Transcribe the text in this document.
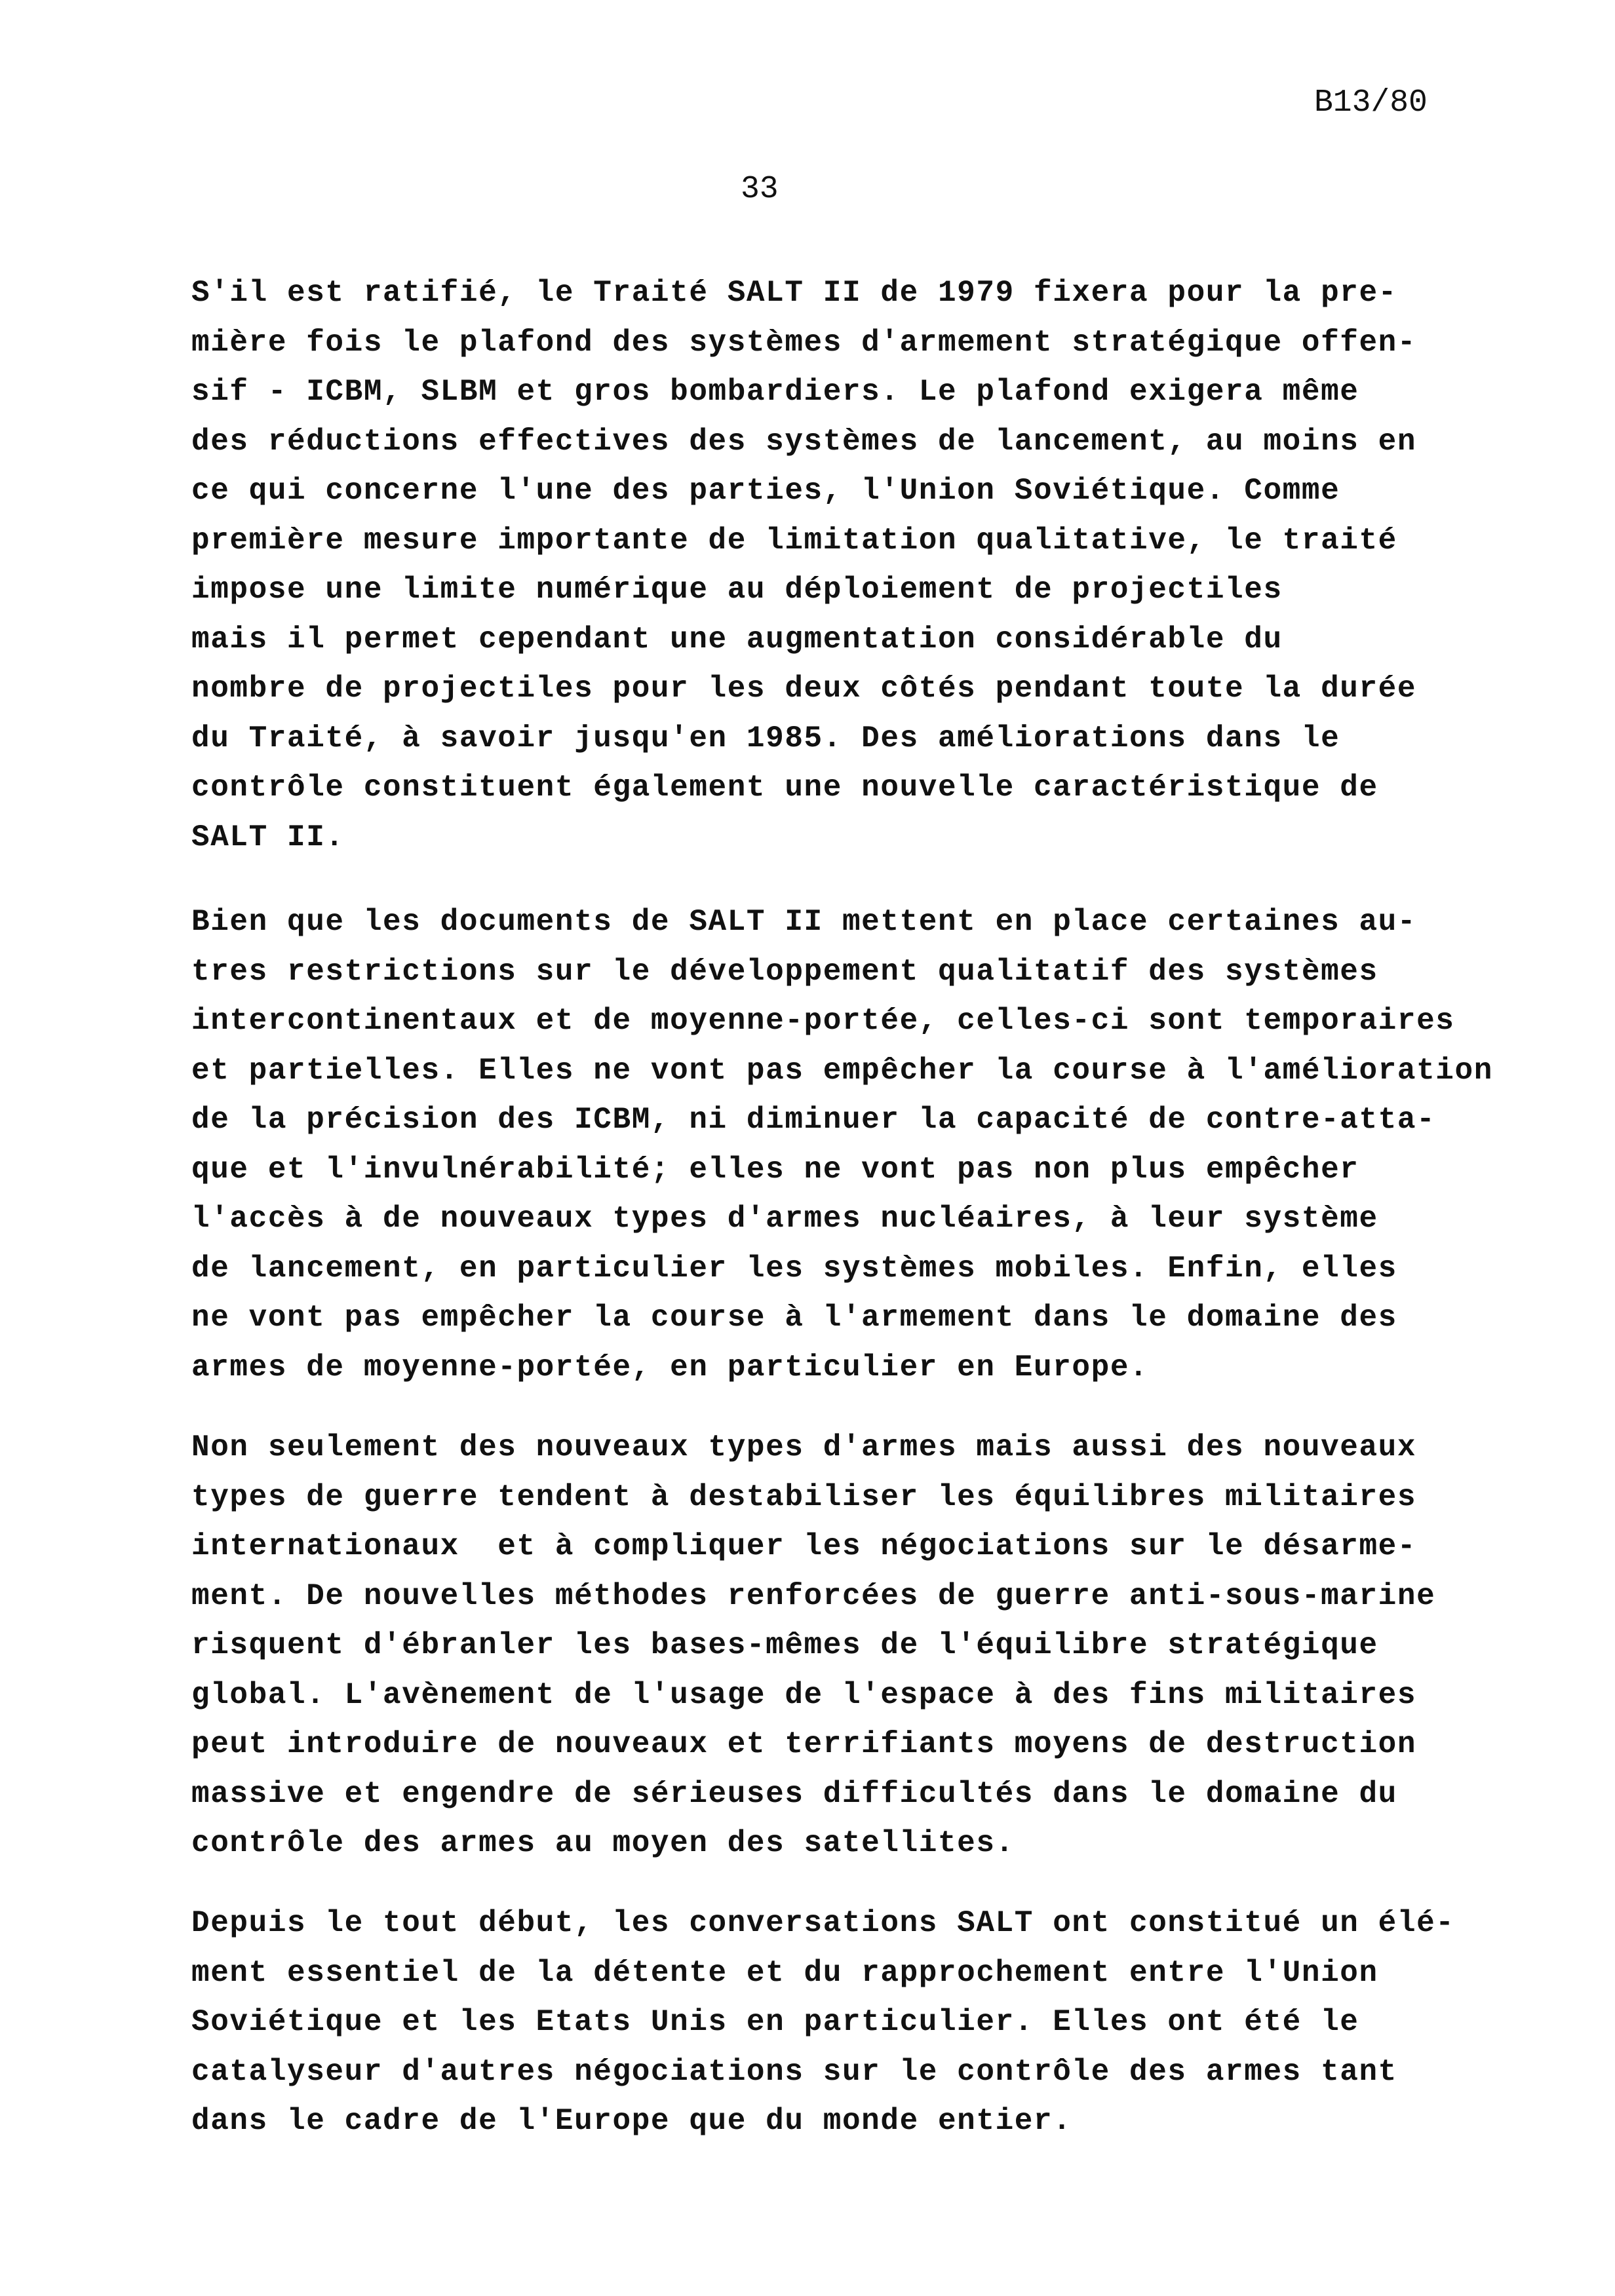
B13/80
33
S'il est ratifié, le Traité SALT II de 1979 fixera pour la pre-
mière fois le plafond des systèmes d'armement stratégique offen-
sif - ICBM, SLBM et gros bombardiers. Le plafond exigera même
des réductions effectives des systèmes de lancement, au moins en
ce qui concerne l'une des parties, l'Union Soviétique. Comme
première mesure importante de limitation qualitative, le traité
impose une limite numérique au déploiement de projectiles
mais il permet cependant une augmentation considérable du
nombre de projectiles pour les deux côtés pendant toute la durée
du Traité, à savoir jusqu'en 1985. Des améliorations dans le
contrôle constituent également une nouvelle caractéristique de
SALT II.
Bien que les documents de SALT II mettent en place certaines au-
tres restrictions sur le développement qualitatif des systèmes
intercontinentaux et de moyenne-portée, celles-ci sont temporaires
et partielles. Elles ne vont pas empêcher la course à l'amélioration
de la précision des ICBM, ni diminuer la capacité de contre-atta-
que et l'invulnérabilité; elles ne vont pas non plus empêcher
l'accès à de nouveaux types d'armes nucléaires, à leur système
de lancement, en particulier les systèmes mobiles. Enfin, elles
ne vont pas empêcher la course à l'armement dans le domaine des
armes de moyenne-portée, en particulier en Europe.
Non seulement des nouveaux types d'armes mais aussi des nouveaux
types de guerre tendent à destabiliser les équilibres militaires
internationaux  et à compliquer les négociations sur le désarme-
ment. De nouvelles méthodes renforcées de guerre anti-sous-marine
risquent d'ébranler les bases-mêmes de l'équilibre stratégique
global. L'avènement de l'usage de l'espace à des fins militaires
peut introduire de nouveaux et terrifiants moyens de destruction
massive et engendre de sérieuses difficultés dans le domaine du
contrôle des armes au moyen des satellites.
Depuis le tout début, les conversations SALT ont constitué un élé-
ment essentiel de la détente et du rapprochement entre l'Union
Soviétique et les Etats Unis en particulier. Elles ont été le
catalyseur d'autres négociations sur le contrôle des armes tant
dans le cadre de l'Europe que du monde entier.
